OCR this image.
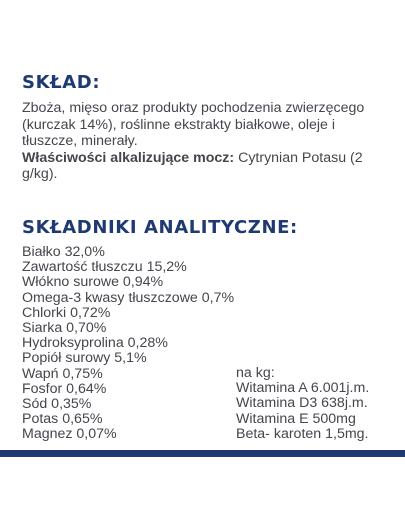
SKŁAD:

Zboża, mięso oraz produkty pochodzenia zwierzęcego (kurczak 14%), roślinne ekstrakty białkowe, oleje i tłuszcze, minerały.

Właściwości alkalizujące mocz: Cytrynian Potasu (2 g/kg).

SKŁADNIKI ANALITYCZNE:
Białko 32,0%
Zawartość tłuszczu 15,2%
Włókno surowe 0,94%
Omega-3 kwasy tłuszczowe 0,7%
Chlorki 0,72%
Siarka 0,70%
Hydroksyprolina 0,28%
Popiół surowy 5,1%
Wapń 0,75%
Fosfor 0,64%
Sód 0,35%
Potas 0,65%
Magnez 0,07%
na kg:
Witamina A 6.001j.m.
Witamina D3 638j.m.
Witamina E 500mg
Beta- karoten 1,5mg.
